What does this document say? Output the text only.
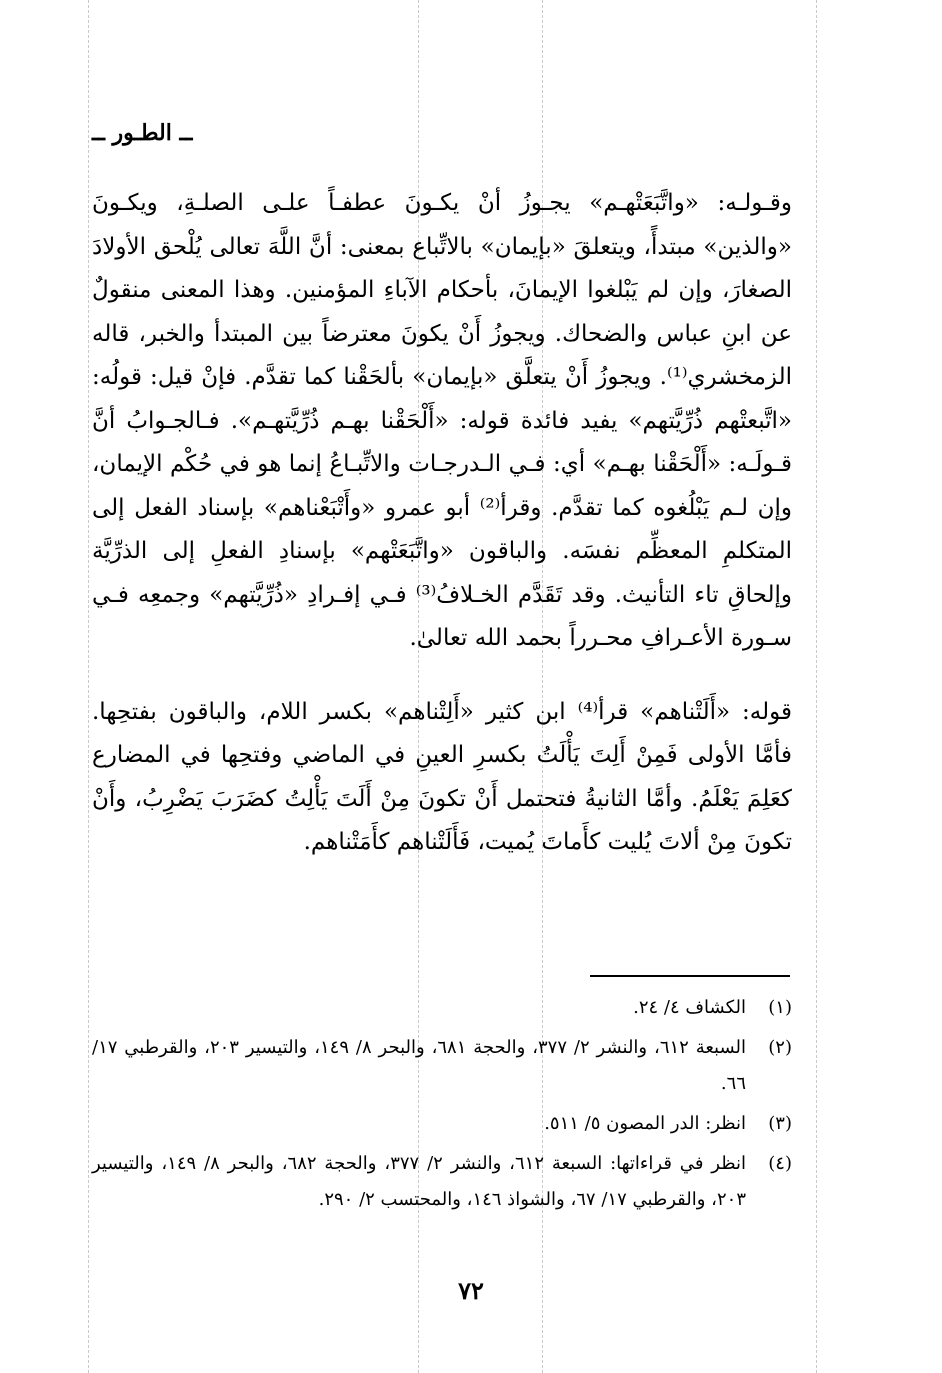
ــ الطـور ــ

وقـولـه: «واتَّبَعَتْهـم» يجـوزُ أنْ يكـونَ عطفـاً علـى الصلـةِ، ويكـونَ «والذين» مبتدأً، ويتعلقَ «بإيمان» بالاتِّباع بمعنى: أنَّ اللَّهَ تعالى يُلْحق الأولادَ الصغارَ، وإن لم يَبْلغوا الإيمانَ، بأحكام الآباءِ المؤمنين. وهذا المعنى منقولٌ عن ابنِ عباس والضحاك. ويجوزُ أَنْ يكونَ معترضاً بين المبتدأ والخبر، قاله الزمخشري⁽¹⁾. ويجوزُ أَنْ يتعلَّق «بإيمان» بألحَقْنا كما تقدَّم. فإنْ قيل: قولُه: «اتَّبعتْهم ذُرِّيَّتهم» يفيد فائدة قوله: «أَلْحَقْنا بهـم ذُرِّيَّتهـم». فـالجـوابُ أنَّ قـولَـه: «أَلْحَقْنا بهـم» أي: فـي الـدرجـات والاتِّبـاعُ إنما هو في حُكْم الإيمان، وإن لـم يَبْلُغوه كما تقدَّم. وقرأ⁽²⁾ أبو عمرو «وأَتْبَعْناهم» بإسناد الفعل إلى المتكلمِ المعظِّم نفسَه. والباقون «واتَّبَعَتْهم» بإسنادِ الفعلِ إلى الذرِّيَّة وإلحاقِ تاء التأنيث. وقد تَقَدَّم الخـلافُ⁽³⁾ فـي إفـرادِ «ذُرِّيَّتهم» وجمعِه فـي سـورة الأعـرافِ محـرراً بحمد الله تعالىٰ.

قوله: «أَلَتْناهم» قرأ⁽⁴⁾ ابن كثير «أَلِتْناهم» بكسر اللام، والباقون بفتحِها. فأمَّا الأولى فَمِنْ أَلِتَ يَأْلَتُ بكسرِ العينِ في الماضي وفتحِها في المضارع كعَلِمَ يَعْلَمُ. وأمَّا الثانيةُ فتحتمل أَنْ تكونَ مِنْ أَلَتَ يَأْلِتُ كضَرَبَ يَضْرِبُ، وأَنْ تكونَ مِنْ ألاتَ يُليت كأَماتَ يُميت، فَأَلَتْناهم كأَمَتْناهم.

(١)
الكشاف ٤/ ٢٤.
(٢)
السبعة ٦١٢، والنشر ٢/ ٣٧٧، والحجة ٦٨١، والبحر ٨/ ١٤٩، والتيسير ٢٠٣، والقرطبي ١٧/ ٦٦.
(٣)
انظر: الدر المصون ٥/ ٥١١.
(٤)
انظر في قراءاتها: السبعة ٦١٢، والنشر ٢/ ٣٧٧، والحجة ٦٨٢، والبحر ٨/ ١٤٩، والتيسير ٢٠٣، والقرطبي ١٧/ ٦٧، والشواذ ١٤٦، والمحتسب ٢/ ٢٩٠.
٧٢
